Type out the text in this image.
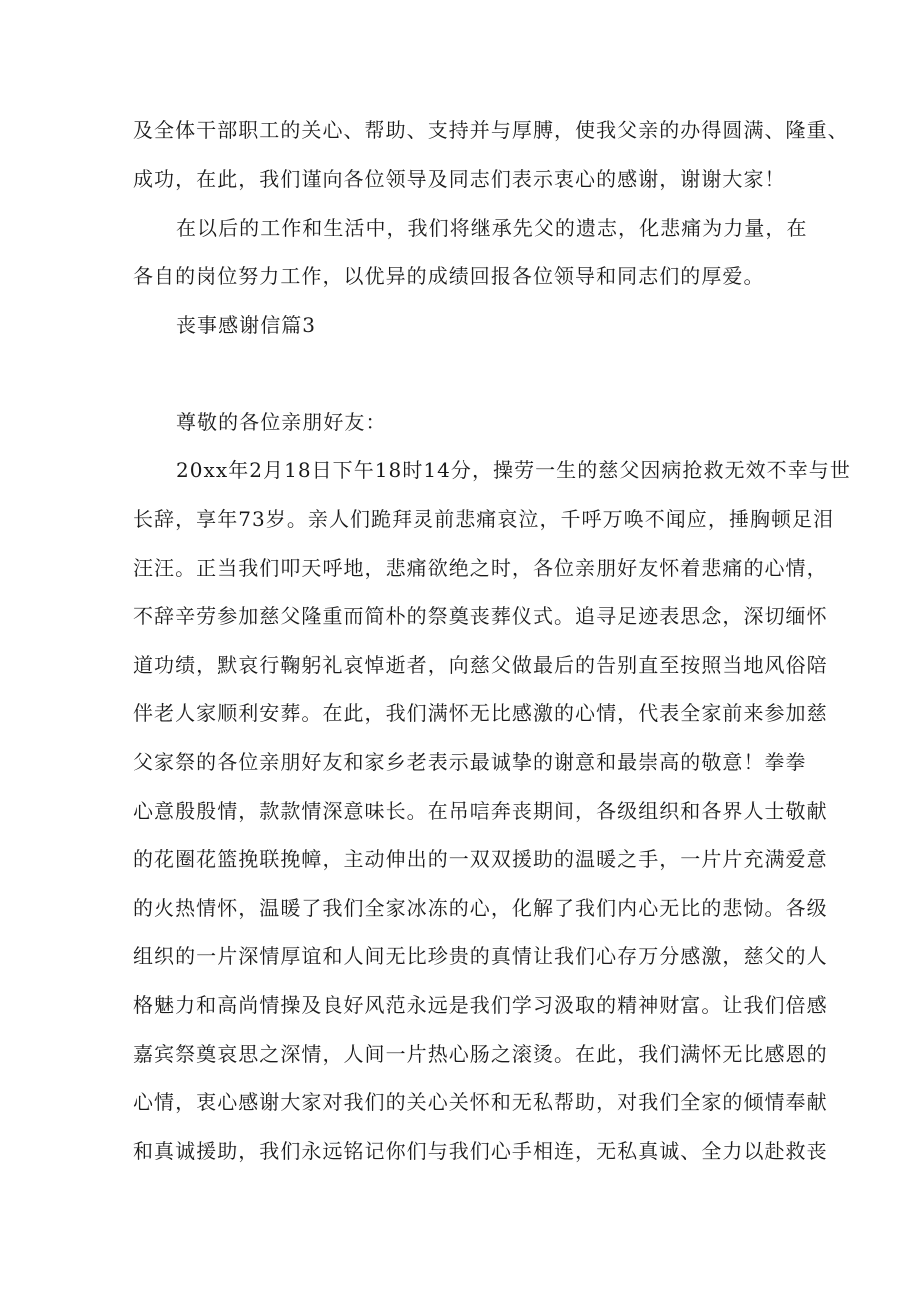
及全体干部职工的关心、帮助、支持并与厚膊，使我父亲的办得圆满、隆重、
成功，在此，我们谨向各位领导及同志们表示衷心的感谢，谢谢大家！
在以后的工作和生活中，我们将继承先父的遗志，化悲痛为力量，在
各自的岗位努力工作，以优异的成绩回报各位领导和同志们的厚爱。
丧事感谢信篇3
尊敬的各位亲朋好友：
20xx年2月18日下午18时14分，操劳一生的慈父因病抢救无效不幸与世
长辞，享年73岁。亲人们跪拜灵前悲痛哀泣，千呼万唤不闻应，捶胸顿足泪
汪汪。正当我们叩天呼地，悲痛欲绝之时，各位亲朋好友怀着悲痛的心情，
不辞辛劳参加慈父隆重而简朴的祭奠丧葬仪式。追寻足迹表思念，深切缅怀
道功绩，默哀行鞠躬礼哀悼逝者，向慈父做最后的告别直至按照当地风俗陪
伴老人家顺利安葬。在此，我们满怀无比感激的心情，代表全家前来参加慈
父家祭的各位亲朋好友和家乡老表示最诚挚的谢意和最崇高的敬意！拳拳
心意殷殷情，款款情深意味长。在吊唁奔丧期间，各级组织和各界人士敬献
的花圈花篮挽联挽幛，主动伸出的一双双援助的温暖之手，一片片充满爱意
的火热情怀，温暖了我们全家冰冻的心，化解了我们内心无比的悲恸。各级
组织的一片深情厚谊和人间无比珍贵的真情让我们心存万分感激，慈父的人
格魅力和高尚情操及良好风范永远是我们学习汲取的精神财富。让我们倍感
嘉宾祭奠哀思之深情，人间一片热心肠之滚烫。在此，我们满怀无比感恩的
心情，衷心感谢大家对我们的关心关怀和无私帮助，对我们全家的倾情奉献
和真诚援助，我们永远铭记你们与我们心手相连，无私真诚、全力以赴救丧
